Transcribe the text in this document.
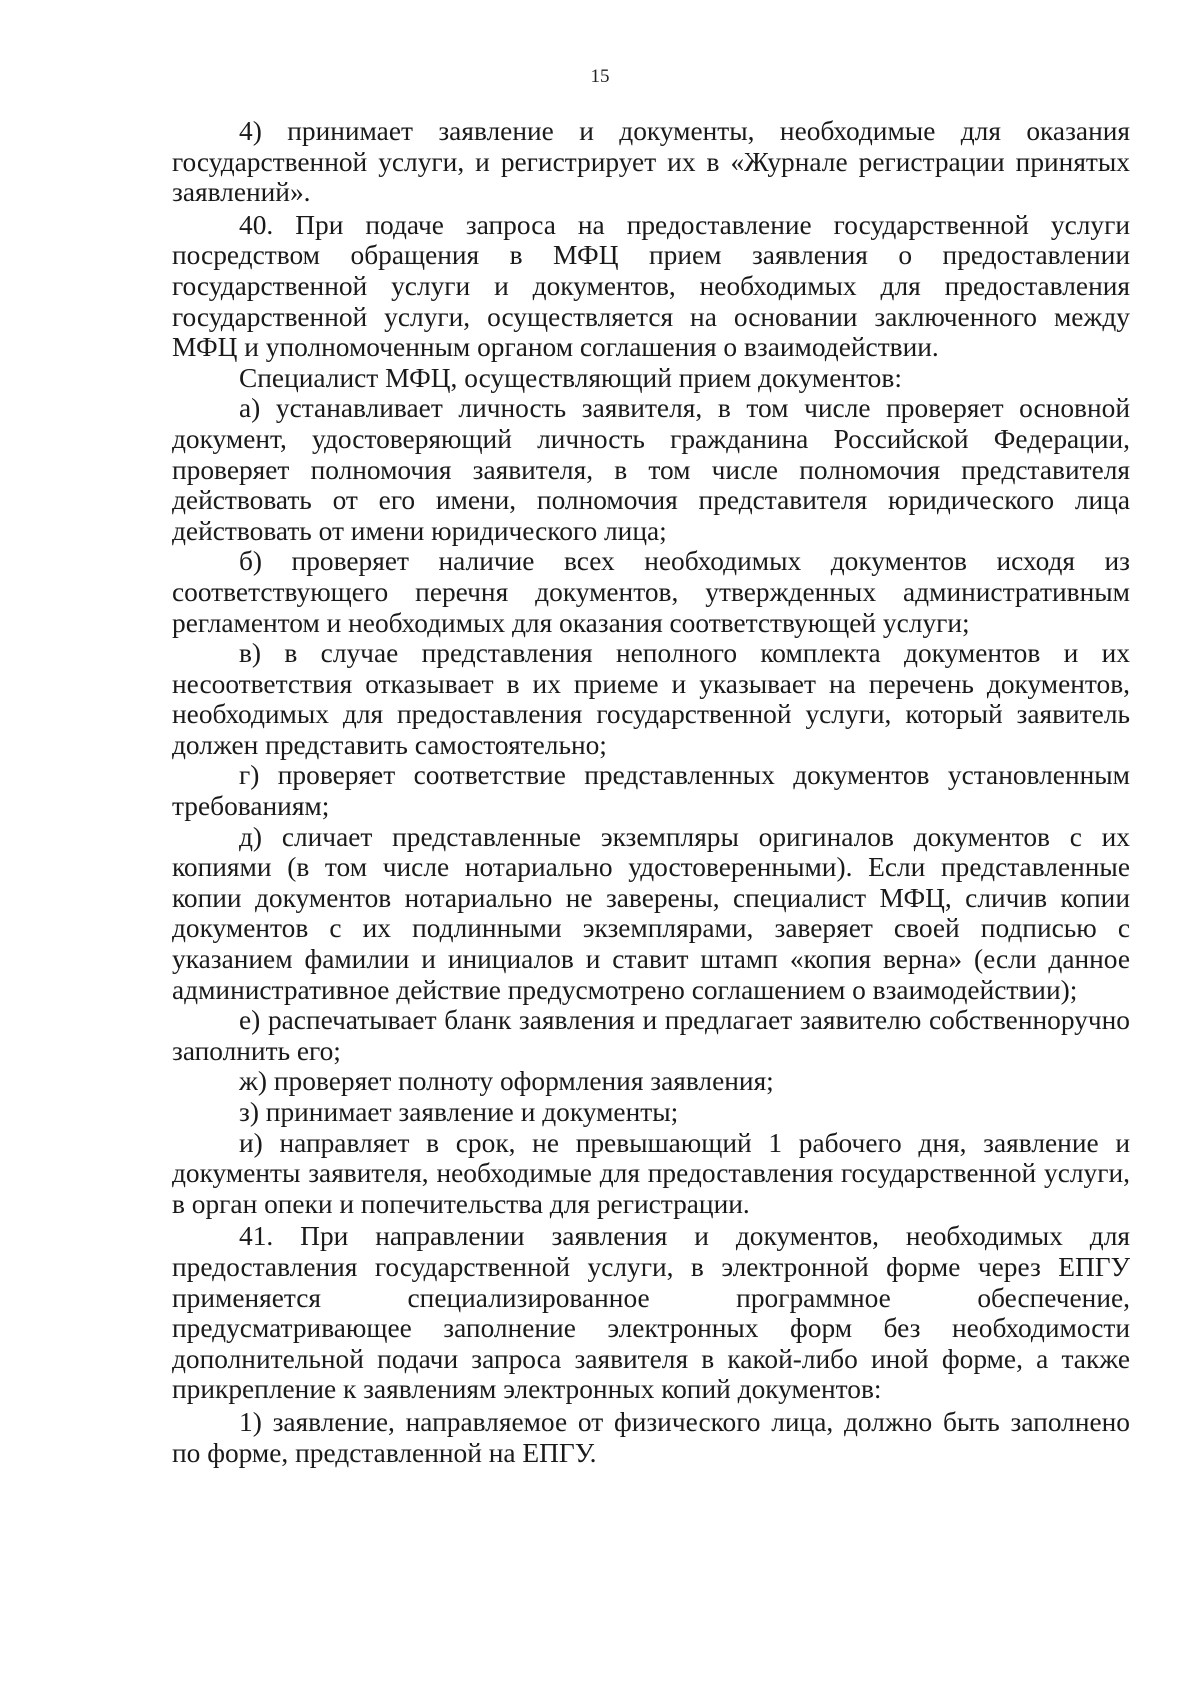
15

4) принимает заявление и документы, необходимые для оказания государственной услуги, и регистрирует их в «Журнале регистрации принятых заявлений».

40. При подаче запроса на предоставление государственной услуги посредством обращения в МФЦ прием заявления о предоставлении государственной услуги и документов, необходимых для предоставления государственной услуги, осуществляется на основании заключенного между МФЦ и уполномоченным органом соглашения о взаимодействии.

Специалист МФЦ, осуществляющий прием документов:

а) устанавливает личность заявителя, в том числе проверяет основной документ, удостоверяющий личность гражданина Российской Федерации, проверяет полномочия заявителя, в том числе полномочия представителя действовать от его имени, полномочия представителя юридического лица действовать от имени юридического лица;

б) проверяет наличие всех необходимых документов исходя из соответствующего перечня документов, утвержденных административным регламентом и необходимых для оказания соответствующей услуги;

в) в случае представления неполного комплекта документов и их несоответствия отказывает в их приеме и указывает на перечень документов, необходимых для предоставления государственной услуги, который заявитель должен представить самостоятельно;

г) проверяет соответствие представленных документов установленным требованиям;

д) сличает представленные экземпляры оригиналов документов с их копиями (в том числе нотариально удостоверенными). Если представленные копии документов нотариально не заверены, специалист МФЦ, сличив копии документов с их подлинными экземплярами, заверяет своей подписью с указанием фамилии и инициалов и ставит штамп «копия верна» (если данное административное действие предусмотрено соглашением о взаимодействии);

е) распечатывает бланк заявления и предлагает заявителю собственноручно заполнить его;

ж) проверяет полноту оформления заявления;

з) принимает заявление и документы;

и) направляет в срок, не превышающий 1 рабочего дня, заявление и документы заявителя, необходимые для предоставления государственной услуги, в орган опеки и попечительства для регистрации.

41. При направлении заявления и документов, необходимых для предоставления государственной услуги, в электронной форме через ЕПГУ применяется специализированное программное обеспечение, предусматривающее заполнение электронных форм без необходимости дополнительной подачи запроса заявителя в какой-либо иной форме, а также прикрепление к заявлениям электронных копий документов:

1) заявление, направляемое от физического лица, должно быть заполнено по форме, представленной на ЕПГУ.
